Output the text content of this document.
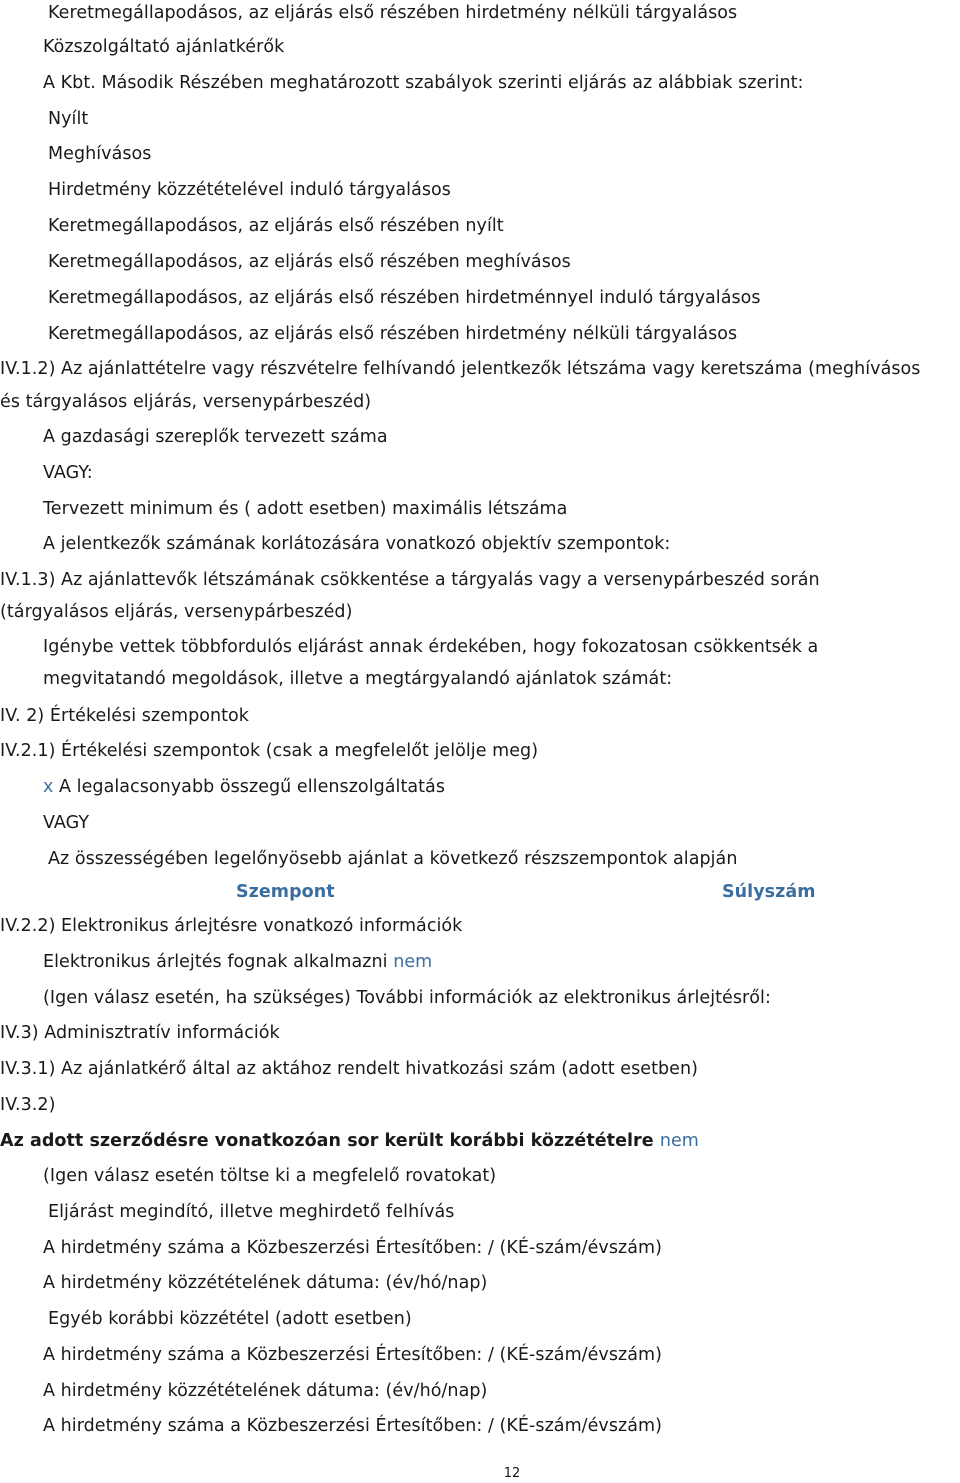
Keretmegállapodásos, az eljárás első részében hirdetmény nélküli tárgyalásos
Közszolgáltató ajánlatkérők
A Kbt. Második Részében meghatározott szabályok szerinti eljárás az alábbiak szerint:
Nyílt
Meghívásos
Hirdetmény közzétételével induló tárgyalásos
Keretmegállapodásos, az eljárás első részében nyílt
Keretmegállapodásos, az eljárás első részében meghívásos
Keretmegállapodásos, az eljárás első részében hirdetménnyel induló tárgyalásos
Keretmegállapodásos, az eljárás első részében hirdetmény nélküli tárgyalásos
IV.1.2) Az ajánlattételre vagy részvételre felhívandó jelentkezők létszáma vagy keretszáma (meghívásos
és tárgyalásos eljárás, versenypárbeszéd)
A gazdasági szereplők tervezett száma
VAGY:
Tervezett minimum és ( adott esetben) maximális létszáma
A jelentkezők számának korlátozására vonatkozó objektív szempontok:
IV.1.3) Az ajánlattevők létszámának csökkentése a tárgyalás vagy a versenypárbeszéd során
(tárgyalásos eljárás, versenypárbeszéd)
Igénybe vettek többfordulós eljárást annak érdekében, hogy fokozatosan csökkentsék a
megvitatandó megoldások, illetve a megtárgyalandó ajánlatok számát:
IV. 2) Értékelési szempontok
IV.2.1) Értékelési szempontok (csak a megfelelőt jelölje meg)
VAGY
Az összességében legelőnyösebb ajánlat a következő részszempontok alapján
IV.2.2) Elektronikus árlejtésre vonatkozó információk
(Igen válasz esetén, ha szükséges) További információk az elektronikus árlejtésről:
IV.3) Adminisztratív információk
IV.3.1) Az ajánlatkérő által az aktához rendelt hivatkozási szám (adott esetben)
IV.3.2)
(Igen válasz esetén töltse ki a megfelelő rovatokat)
Eljárást megindító, illetve meghirdető felhívás
A hirdetmény száma a Közbeszerzési Értesítőben: / (KÉ-szám/évszám)
A hirdetmény közzétételének dátuma: (év/hó/nap)
Egyéb korábbi közzététel (adott esetben)
A hirdetmény száma a Közbeszerzési Értesítőben: / (KÉ-szám/évszám)
A hirdetmény közzétételének dátuma: (év/hó/nap)
A hirdetmény száma a Közbeszerzési Értesítőben: / (KÉ-szám/évszám)
x A legalacsonyabb összegű ellenszolgáltatás
Szempont	Súlyszám
Elektronikus árlejtés fognak alkalmazni nem
Az adott szerződésre vonatkozóan sor került korábbi közzétételre nem
12
